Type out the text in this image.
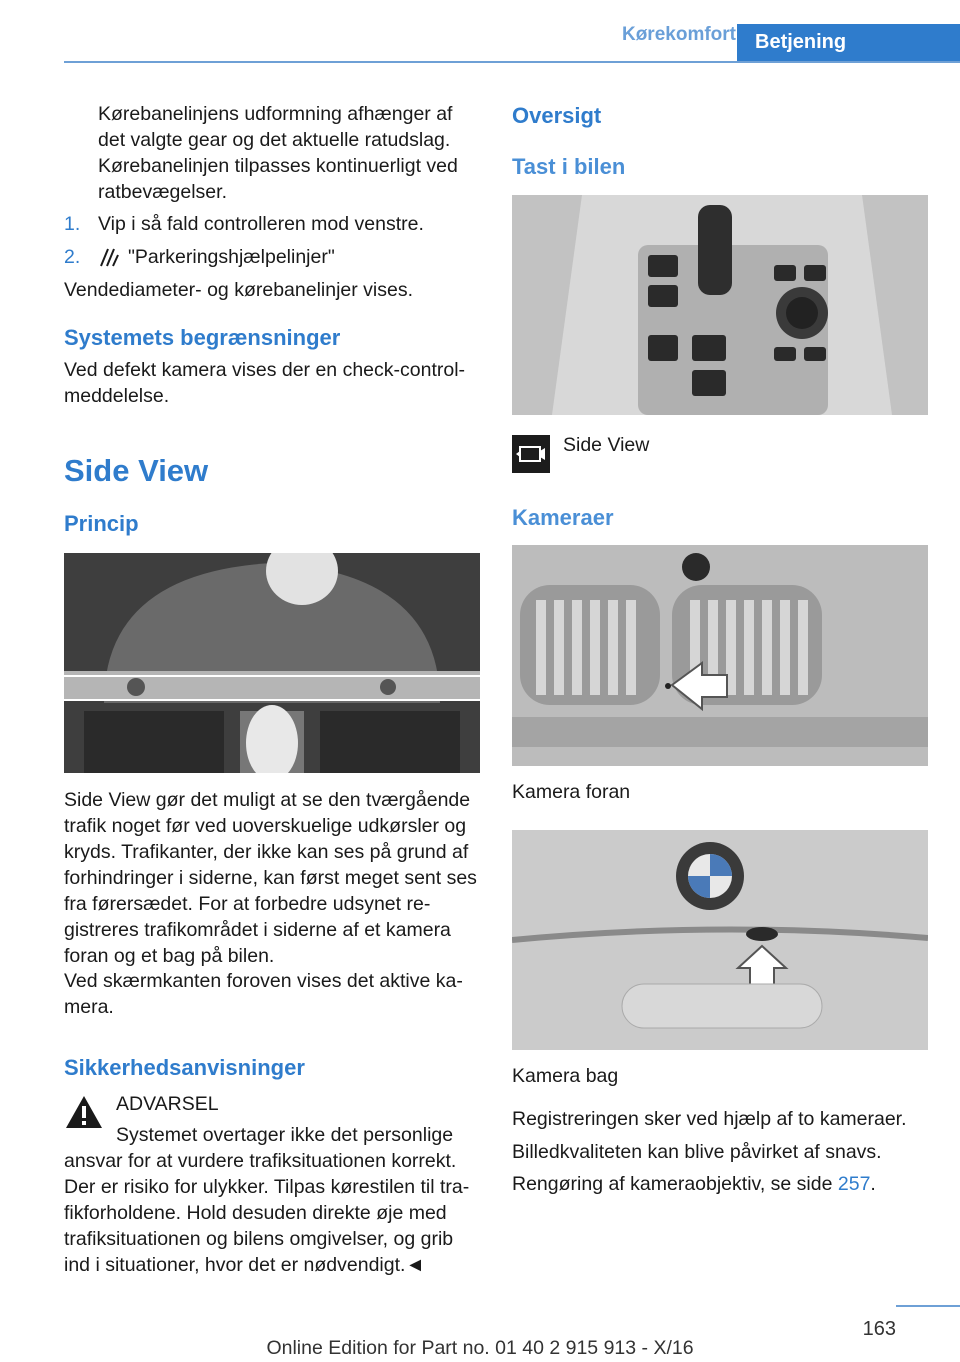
Kørekomfort Betjening

Kørebanelinjens udformning afhænger af det valgte gear og det aktuelle ratudslag. Kørebanelinjen tilpasses kontinuerligt ved ratbevægelser.

1. Vip i så fald controlleren mod venstre.
2. "Parkeringshjælpelinjer"

Vendediameter- og kørebanelinjer vises.

Systemets begrænsninger

Ved defekt kamera vises der en check-control-meddelelse.

Side View
Princip

Side View gør det muligt at se den tværgående trafik noget før ved uoverskuelige udkørsler og kryds. Trafikanter, der ikke kan ses på grund af forhindringer i siderne, kan først meget sent ses fra førersædet. For at forbedre udsynet registreres trafikområdet i siderne af et kamera foran og et bag på bilen.

Ved skærmkanten foroven vises det aktive kamera.

Sikkerhedsanvisninger

ADVARSEL

Systemet overtager ikke det personlige

ansvar for at vurdere trafiksituationen korrekt. Der er risiko for ulykker. Tilpas kørestilen til trafikforholdene. Hold desuden direkte øje med trafiksituationen og bilens omgivelser, og grib ind i situationer, hvor det er nødvendigt.◄

Oversigt
Tast i bilen

Side View

Kameraer

Kamera foran

Kamera bag

Registreringen sker ved hjælp af to kameraer.

Billedkvaliteten kan blive påvirket af snavs.

Rengøring af kameraobjektiv, se side 257.

163
Online Edition for Part no. 01 40 2 915 913 - X/16
